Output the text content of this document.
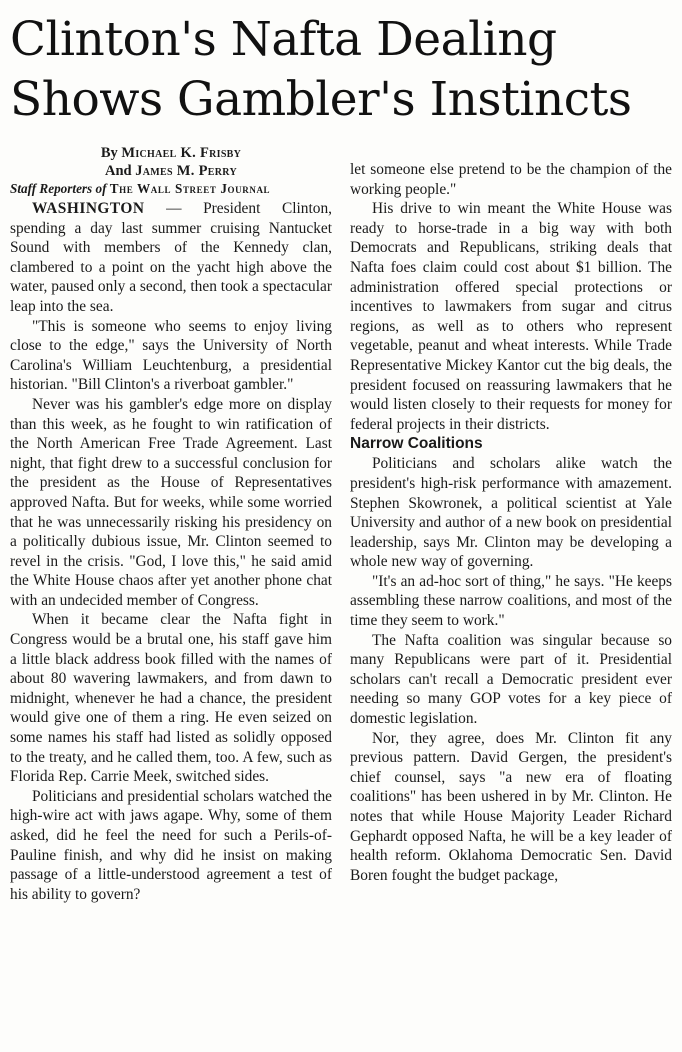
Clinton's Nafta Dealing
Shows Gambler's Instincts
By Michael K. Frisby
And James M. Perry
Staff Reporters of The Wall Street Journal

WASHINGTON — President Clinton, spending a day last summer cruising Nantucket Sound with members of the Kennedy clan, clambered to a point on the yacht high above the water, paused only a second, then took a spectacular leap into the sea.

"This is someone who seems to enjoy living close to the edge," says the University of North Carolina's William Leuchtenburg, a presidential historian. "Bill Clinton's a riverboat gambler."

Never was his gambler's edge more on display than this week, as he fought to win ratification of the North American Free Trade Agreement. Last night, that fight drew to a successful conclusion for the president as the House of Representatives approved Nafta. But for weeks, while some worried that he was unnecessarily risking his presidency on a politically dubious issue, Mr. Clinton seemed to revel in the crisis. "God, I love this," he said amid the White House chaos after yet another phone chat with an undecided member of Congress.

When it became clear the Nafta fight in Congress would be a brutal one, his staff gave him a little black address book filled with the names of about 80 wavering lawmakers, and from dawn to midnight, whenever he had a chance, the president would give one of them a ring. He even seized on some names his staff had listed as solidly opposed to the treaty, and he called them, too. A few, such as Florida Rep. Carrie Meek, switched sides.

Politicians and presidential scholars watched the high-wire act with jaws agape. Why, some of them asked, did he feel the need for such a Perils-of-Pauline finish, and why did he insist on making passage of a little-understood agreement a test of his ability to govern?

let someone else pretend to be the champion of the working people."

His drive to win meant the White House was ready to horse-trade in a big way with both Democrats and Republicans, striking deals that Nafta foes claim could cost about $1 billion. The administration offered special protections or incentives to lawmakers from sugar and citrus regions, as well as to others who represent vegetable, peanut and wheat interests. While Trade Representative Mickey Kantor cut the big deals, the president focused on reassuring lawmakers that he would listen closely to their requests for money for federal projects in their districts.

Narrow Coalitions

Politicians and scholars alike watch the president's high-risk performance with amazement. Stephen Skowronek, a political scientist at Yale University and author of a new book on presidential leadership, says Mr. Clinton may be developing a whole new way of governing.

"It's an ad-hoc sort of thing," he says. "He keeps assembling these narrow coalitions, and most of the time they seem to work."

The Nafta coalition was singular because so many Republicans were part of it. Presidential scholars can't recall a Democratic president ever needing so many GOP votes for a key piece of domestic legislation.

Nor, they agree, does Mr. Clinton fit any previous pattern. David Gergen, the president's chief counsel, says "a new era of floating coalitions" has been ushered in by Mr. Clinton. He notes that while House Majority Leader Richard Gephardt opposed Nafta, he will be a key leader of health reform. Oklahoma Democratic Sen. David Boren fought the budget package,
